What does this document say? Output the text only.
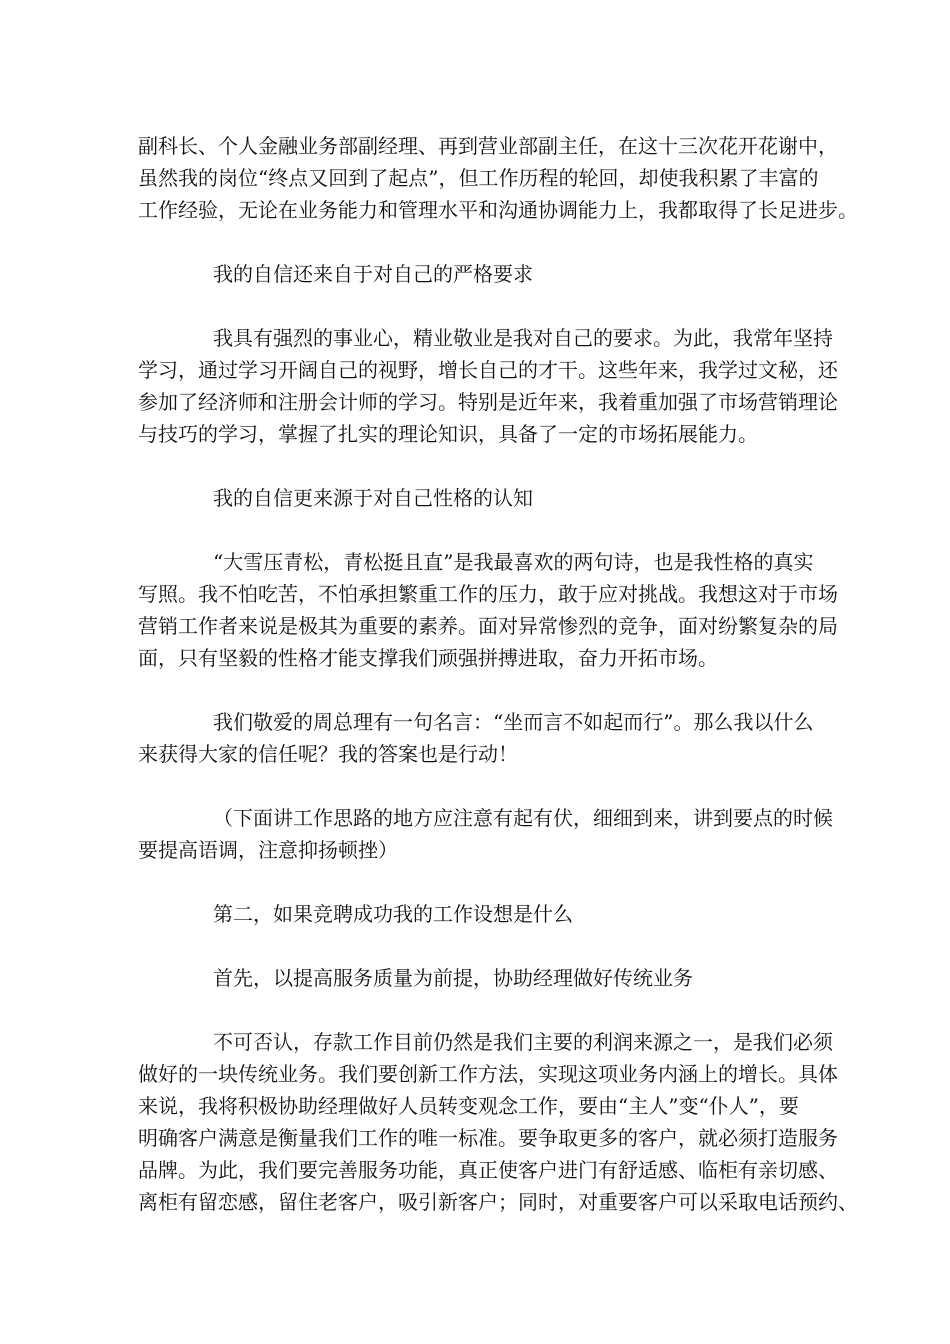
副科长、个人金融业务部副经理、再到营业部副主任，在这十三次花开花谢中，
虽然我的岗位“终点又回到了起点”，但工作历程的轮回，却使我积累了丰富的
工作经验，无论在业务能力和管理水平和沟通协调能力上，我都取得了长足进步。

我的自信还来自于对自己的严格要求

我具有强烈的事业心，精业敬业是我对自己的要求。为此，我常年坚持
学习，通过学习开阔自己的视野，增长自己的才干。这些年来，我学过文秘，还
参加了经济师和注册会计师的学习。特别是近年来，我着重加强了市场营销理论
与技巧的学习，掌握了扎实的理论知识，具备了一定的市场拓展能力。

我的自信更来源于对自己性格的认知

“大雪压青松，青松挺且直”是我最喜欢的两句诗，也是我性格的真实
写照。我不怕吃苦，不怕承担繁重工作的压力，敢于应对挑战。我想这对于市场
营销工作者来说是极其为重要的素养。面对异常惨烈的竞争，面对纷繁复杂的局
面，只有坚毅的性格才能支撑我们顽强拼搏进取，奋力开拓市场。

我们敬爱的周总理有一句名言：“坐而言不如起而行”。那么我以什么
来获得大家的信任呢？我的答案也是行动！

（下面讲工作思路的地方应注意有起有伏，细细到来，讲到要点的时候
要提高语调，注意抑扬顿挫）

第二，如果竞聘成功我的工作设想是什么

首先，以提高服务质量为前提，协助经理做好传统业务

不可否认，存款工作目前仍然是我们主要的利润来源之一，是我们必须
做好的一块传统业务。我们要创新工作方法，实现这项业务内涵上的增长。具体
来说，我将积极协助经理做好人员转变观念工作，要由“主人”变“仆人”，要
明确客户满意是衡量我们工作的唯一标准。要争取更多的客户，就必须打造服务
品牌。为此，我们要完善服务功能，真正使客户进门有舒适感、临柜有亲切感、
离柜有留恋感，留住老客户，吸引新客户；同时，对重要客户可以采取电话预约、
